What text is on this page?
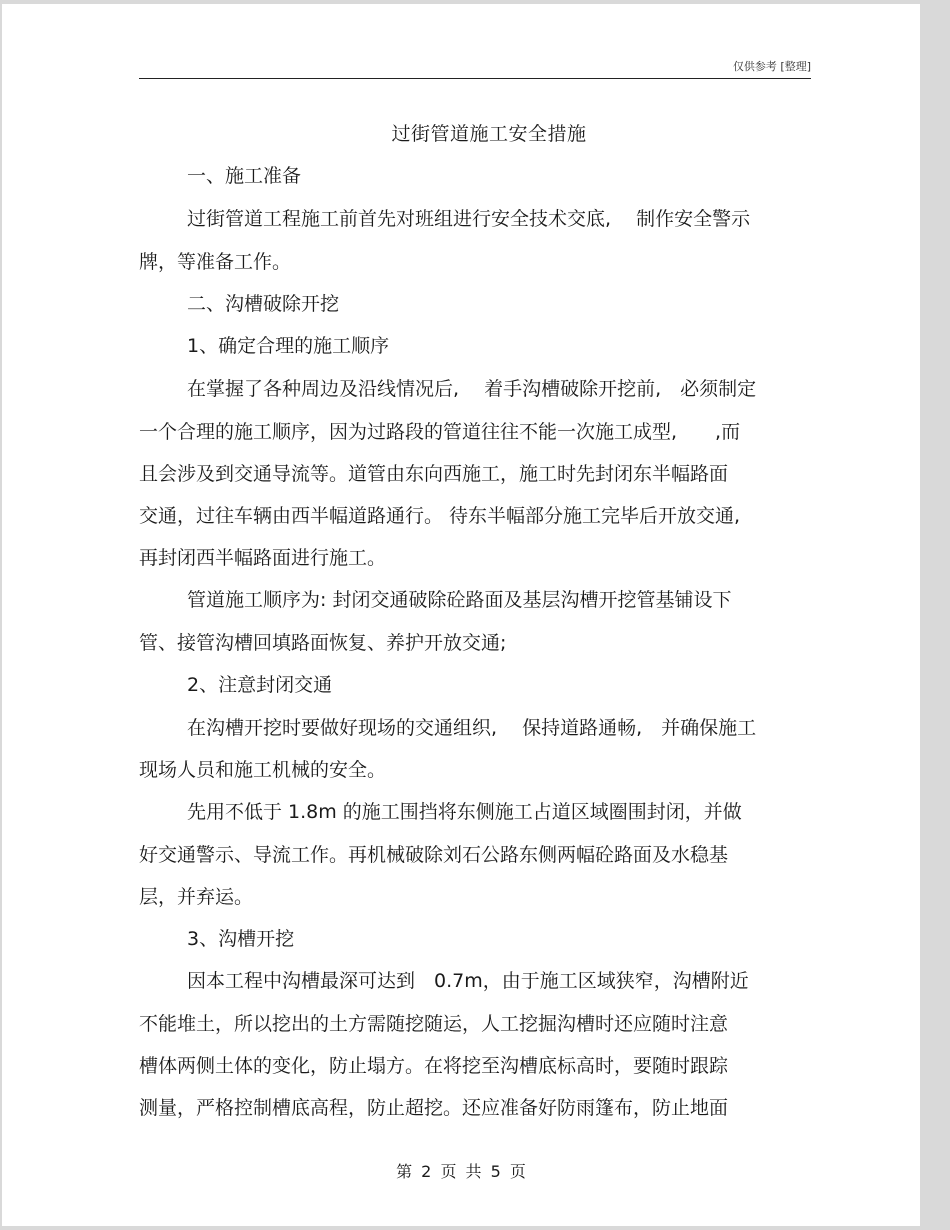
仅供参考 [整理]
过街管道施工安全措施
一、施工准备
过街管道工程施工前首先对班组进行安全技术交底,　 制作安全警示
牌，等准备工作。
二、沟槽破除开挖
1、确定合理的施工顺序
在掌握了各种周边及沿线情况后,　 着手沟槽破除开挖前,　必须制定
一个合理的施工顺序，因为过路段的管道往往不能一次施工成型,　　,而
且会涉及到交通导流等。道管由东向西施工，施工时先封闭东半幅路面
交通，过往车辆由西半幅道路通行。 待东半幅部分施工完毕后开放交通,
再封闭西半幅路面进行施工。
管道施工顺序为: 封闭交通破除砼路面及基层沟槽开挖管基铺设下
管、接管沟槽回填路面恢复、养护开放交通;
2、注意封闭交通
在沟槽开挖时要做好现场的交通组织,　 保持道路通畅,　并确保施工
现场人员和施工机械的安全。
先用不低于 1.8m 的施工围挡将东侧施工占道区域圈围封闭，并做
好交通警示、导流工作。再机械破除刘石公路东侧两幅砼路面及水稳基
层，并弃运。
3、沟槽开挖
因本工程中沟槽最深可达到　0.7m，由于施工区域狭窄，沟槽附近
不能堆土，所以挖出的土方需随挖随运，人工挖掘沟槽时还应随时注意
槽体两侧土体的变化，防止塌方。在将挖至沟槽底标高时，要随时跟踪
测量，严格控制槽底高程，防止超挖。还应准备好防雨篷布，防止地面
第 2 页 共 5 页
